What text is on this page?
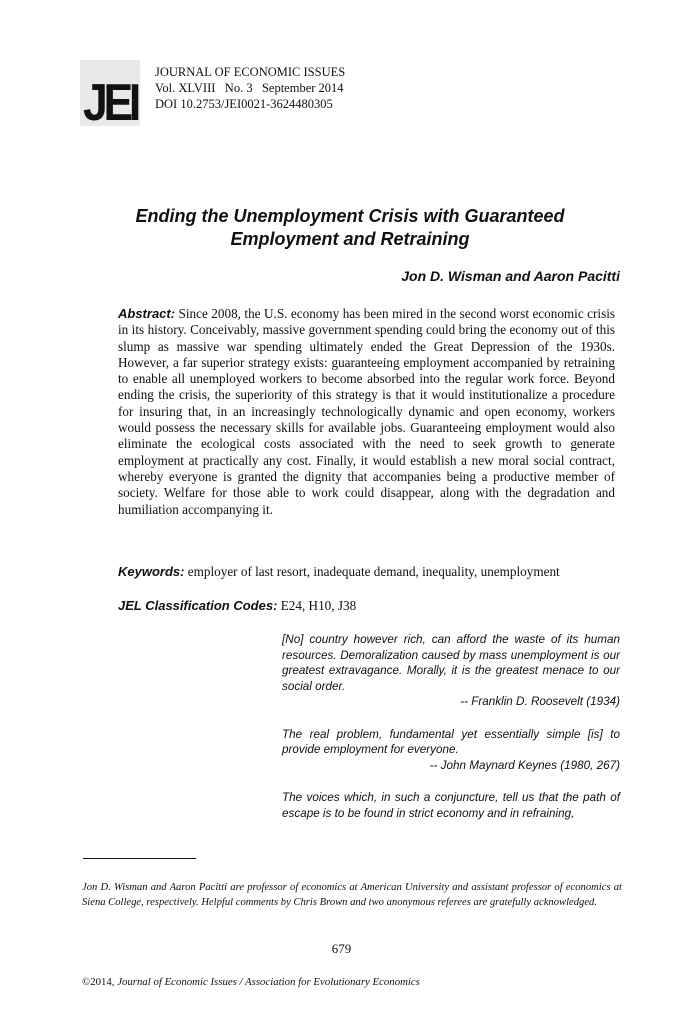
JEI
JOURNAL OF ECONOMIC ISSUES
Vol. XLVIII   No. 3   September 2014
DOI 10.2753/JEI0021-3624480305
Ending the Unemployment Crisis with Guaranteed
Employment and Retraining
Jon D. Wisman and Aaron Pacitti
Abstract: Since 2008, the U.S. economy has been mired in the second worst economic crisis in its history. Conceivably, massive government spending could bring the economy out of this slump as massive war spending ultimately ended the Great Depression of the 1930s. However, a far superior strategy exists: guaranteeing employment accompanied by retraining to enable all unemployed workers to become absorbed into the regular work force. Beyond ending the crisis, the superiority of this strategy is that it would institutionalize a procedure for insuring that, in an increasingly technologically dynamic and open economy, workers would possess the necessary skills for available jobs. Guaranteeing employment would also eliminate the ecological costs associated with the need to seek growth to generate employment at practically any cost. Finally, it would establish a new moral social contract, whereby everyone is granted the dignity that accompanies being a productive member of society. Welfare for those able to work could disappear, along with the degradation and humiliation accompanying it.
Keywords: employer of last resort, inadequate demand, inequality, unemployment
JEL Classification Codes: E24, H10, J38
[No] country however rich, can afford the waste of its human resources. Demoralization caused by mass unemployment is our greatest extravagance. Morally, it is the greatest menace to our social order.
-- Franklin D. Roosevelt (1934)
The real problem, fundamental yet essentially simple [is] to provide employment for everyone.
-- John Maynard Keynes (1980, 267)
The voices which, in such a conjuncture, tell us that the path of escape is to be found in strict economy and in refraining,
Jon D. Wisman and Aaron Pacitti are professor of economics at American University and assistant professor of economics at Siena College, respectively. Helpful comments by Chris Brown and two anonymous referees are gratefully acknowledged.
679
©2014, Journal of Economic Issues / Association for Evolutionary Economics
